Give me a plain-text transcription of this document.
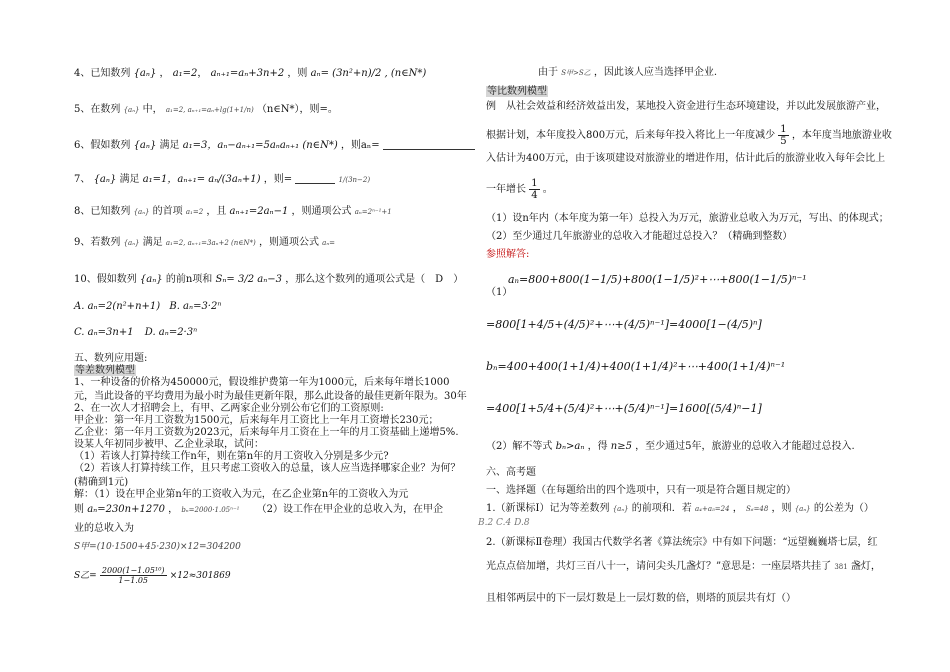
4、已知数列 {aₙ} ， a₁=2， aₙ₊₁=aₙ+3n+2 ，则 aₙ= (3n²+n)/2 , (n∈N*)
5、在数列 {aₙ} 中， a₁=2, aₙ₊₁=aₙ+lg(1+1/n) （n∈N*），则=。
6、假如数列 {aₙ} 满足 a₁=3，aₙ−aₙ₊₁=5aₙaₙ₊₁ (n∈N*) ，则aₙ=
7、 {aₙ} 满足 a₁=1，aₙ₊₁= aₙ/(3aₙ+1) ，则=	1/(3n−2)
8、已知数列 {aₙ} 的首项 a₁=2 ，且 aₙ₊₁=2aₙ−1 ，则通项公式 aₙ=2ⁿ⁻¹+1
9、若数列 {aₙ} 满足 a₁=2, aₙ₊₁=3aₙ+2 (n∈N*) ，则通项公式 aₙ=
10、假如数列 {aₙ} 的前n项和 Sₙ= 3/2 aₙ−3 ，那么这个数列的通项公式是（　D　）
A. aₙ=2(n²+n+1) B. aₙ=3·2ⁿ
C. aₙ=3n+1 D. aₙ=2·3ⁿ
五、数列应用题:
等差数列模型
1、一种设备的价格为450000元，假设维护费第一年为1000元，后来每年增长1000元，当此设备的平均费用为最小时为最佳更新年限，那么此设备的最佳更新年限为。30年
2、在一次人才招聘会上，有甲、乙两家企业分别公布它们的工资原则:
甲企业：第一年月工资数为1500元，后来每年月工资比上一年月工资增长230元；
乙企业：第一年月工资数为2023元，后来每年月工资在上一年的月工资基础上递增5%.
设某人年初同步被甲、乙企业录取，试问：
（1）若该人打算持续工作n年，则在第n年的月工资收入分别是多少元?
（2）若该人打算持续工作，且只考虑工资收入的总量，该人应当选择哪家企业？为何？(精确到1元)
解：（1）设在甲企业第n年的工资收入为元，在乙企业第n年的工资收入为元
则 aₙ=230n+1270 ， bₙ=2000·1.05ⁿ⁻¹ （2）设工作在甲企业的总收入为，在甲企
业的总收入为
S甲=(10·1500+45·230)×12=304200
S乙= $\frac{\text{2000(1−1.05¹⁰)}}{1-1.05} \times 12\approx 301869$
由于 S甲>S乙 ，因此该人应当选择甲企业.
等比数列模型
例　从社会效益和经济效益出发，某地投入资金进行生态环境建设，并以此发展旅游产业，
根据计划，本年度投入800万元，后来每年投入将比上一年度减少 $\frac{1}{5}$ ，本年度当地旅游业收
入估计为400万元，由于该项建设对旅游业的增进作用，估计此后的旅游业收入每年会比上
一年增长 $\frac{1}{4}$ 。
（1）设n年内（本年度为第一年）总投入为万元，旅游业总收入为万元，写出、的体现式；
（2）至少通过几年旅游业的总收入才能超过总投入？（精确到整数）
参照解答:
（1）
aₙ=800+800(1−1/5)+800(1−1/5)²+⋯+800(1−1/5)ⁿ⁻¹
=800[1+4/5+(4/5)²+⋯+(4/5)ⁿ⁻¹]=4000[1−(4/5)ⁿ]
bₙ=400+400(1+1/4)+400(1+1/4)²+⋯+400(1+1/4)ⁿ⁻¹
=400[1+5/4+(5/4)²+⋯+(5/4)ⁿ⁻¹]=1600[(5/4)ⁿ−1]
（2）解不等式 bₙ>aₙ ，得 n≥5 ，至少通过5年，旅游业的总收入才能超过总投入.
六、高考题
一、选择题（在每题给出的四个选项中，只有一项是符合题目规定的）
1.（新课标Ⅰ）记为等差数列 {aₙ} 的前项和．若 a₄+a₅=24 ， S₆=48 ，则 {aₙ} 的公差为（）
B.2 C.4 D.8
2.（新课标Ⅱ卷理）我国古代数学名著《算法统宗》中有如下问题：“远望巍巍塔七层，红
光点点倍加增，共灯三百八十一，请问尖头几盏灯？”意思是：一座层塔共挂了 381 盏灯，
且相邻两层中的下一层灯数是上一层灯数的倍，则塔的顶层共有灯（）
